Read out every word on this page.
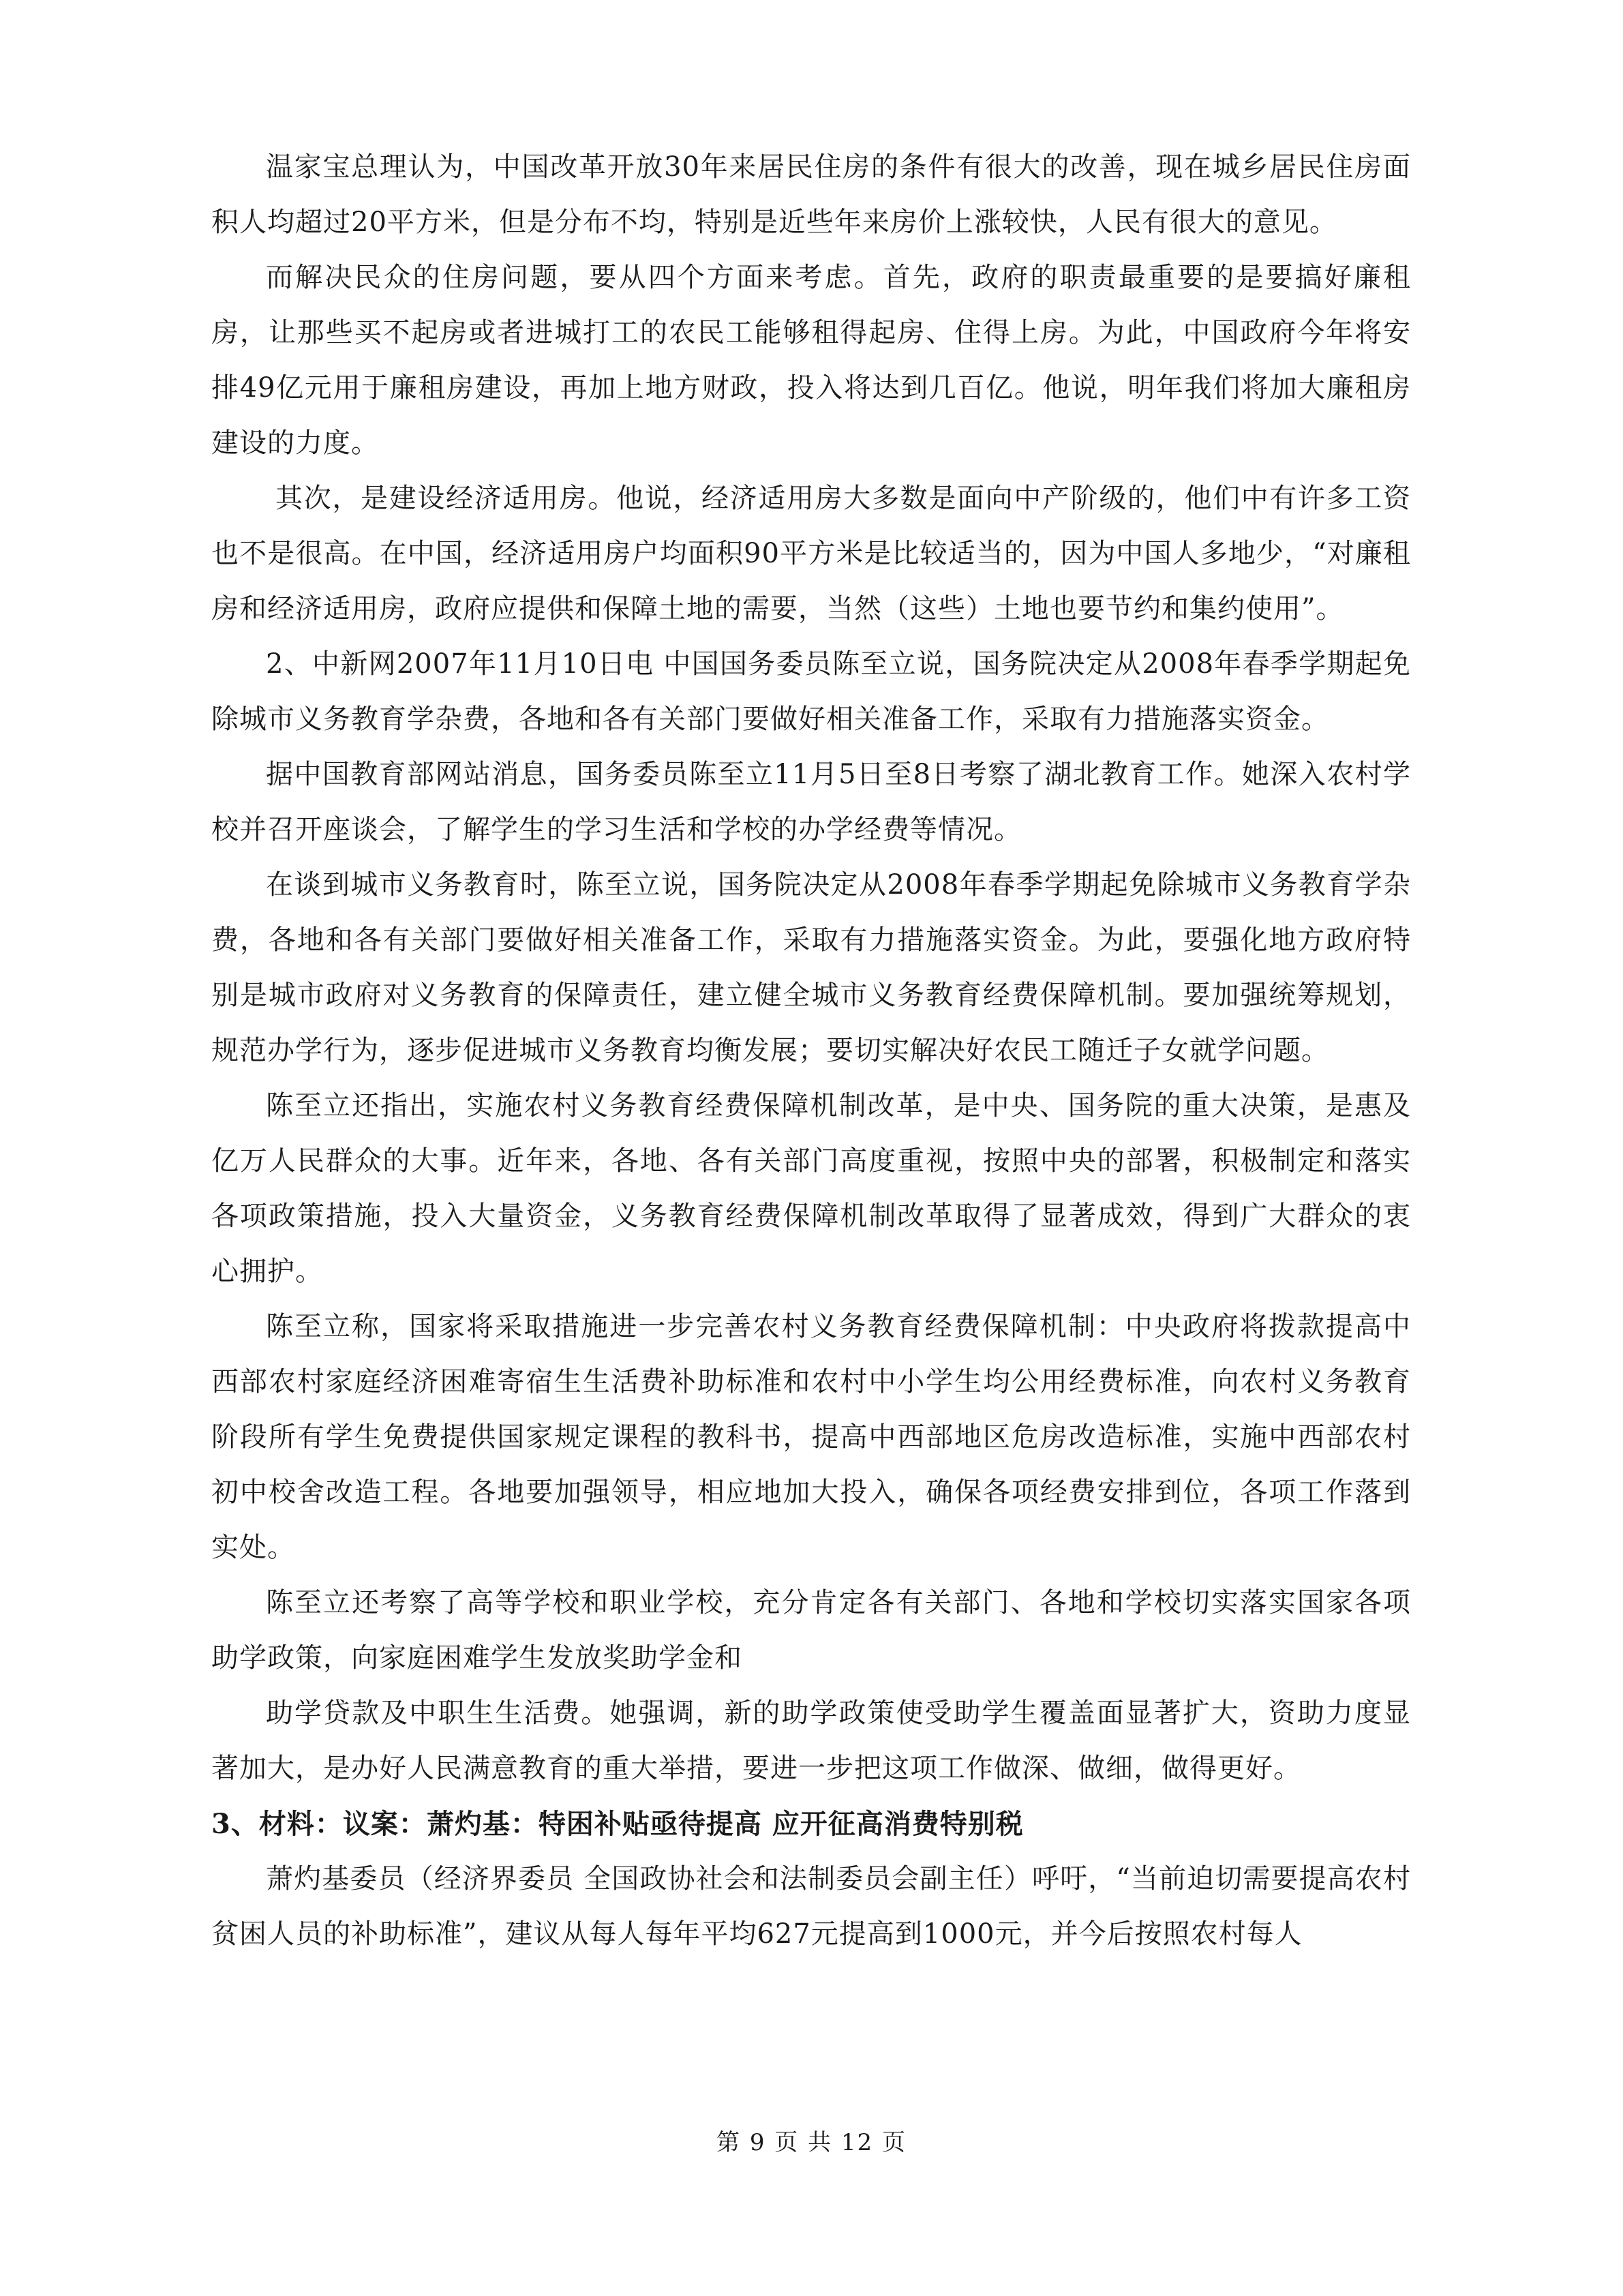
温家宝总理认为，中国改革开放30年来居民住房的条件有很大的改善，现在城乡居民住房面积人均超过20平方米，但是分布不均，特别是近些年来房价上涨较快，人民有很大的意见。

而解决民众的住房问题，要从四个方面来考虑。首先，政府的职责最重要的是要搞好廉租房，让那些买不起房或者进城打工的农民工能够租得起房、住得上房。为此，中国政府今年将安排49亿元用于廉租房建设，再加上地方财政，投入将达到几百亿。他说，明年我们将加大廉租房建设的力度。

其次，是建设经济适用房。他说，经济适用房大多数是面向中产阶级的，他们中有许多工资也不是很高。在中国，经济适用房户均面积90平方米是比较适当的，因为中国人多地少，“对廉租房和经济适用房，政府应提供和保障土地的需要，当然（这些）土地也要节约和集约使用”。

2、中新网2007年11月10日电 中国国务委员陈至立说，国务院决定从2008年春季学期起免除城市义务教育学杂费，各地和各有关部门要做好相关准备工作，采取有力措施落实资金。

据中国教育部网站消息，国务委员陈至立11月5日至8日考察了湖北教育工作。她深入农村学校并召开座谈会，了解学生的学习生活和学校的办学经费等情况。

在谈到城市义务教育时，陈至立说，国务院决定从2008年春季学期起免除城市义务教育学杂费，各地和各有关部门要做好相关准备工作，采取有力措施落实资金。为此，要强化地方政府特别是城市政府对义务教育的保障责任，建立健全城市义务教育经费保障机制。要加强统筹规划，规范办学行为，逐步促进城市义务教育均衡发展；要切实解决好农民工随迁子女就学问题。

陈至立还指出，实施农村义务教育经费保障机制改革，是中央、国务院的重大决策，是惠及亿万人民群众的大事。近年来，各地、各有关部门高度重视，按照中央的部署，积极制定和落实各项政策措施，投入大量资金，义务教育经费保障机制改革取得了显著成效，得到广大群众的衷心拥护。

陈至立称，国家将采取措施进一步完善农村义务教育经费保障机制：中央政府将拨款提高中西部农村家庭经济困难寄宿生生活费补助标准和农村中小学生均公用经费标准，向农村义务教育阶段所有学生免费提供国家规定课程的教科书，提高中西部地区危房改造标准，实施中西部农村初中校舍改造工程。各地要加强领导，相应地加大投入，确保各项经费安排到位，各项工作落到实处。

陈至立还考察了高等学校和职业学校，充分肯定各有关部门、各地和学校切实落实国家各项助学政策，向家庭困难学生发放奖助学金和

助学贷款及中职生生活费。她强调，新的助学政策使受助学生覆盖面显著扩大，资助力度显著加大，是办好人民满意教育的重大举措，要进一步把这项工作做深、做细，做得更好。

3、材料：议案：萧灼基：特困补贴亟待提高 应开征高消费特别税

萧灼基委员（经济界委员 全国政协社会和法制委员会副主任）呼吁，“当前迫切需要提高农村贫困人员的补助标准”，建议从每人每年平均627元提高到1000元，并今后按照农村每人

第 9 页 共 12 页
